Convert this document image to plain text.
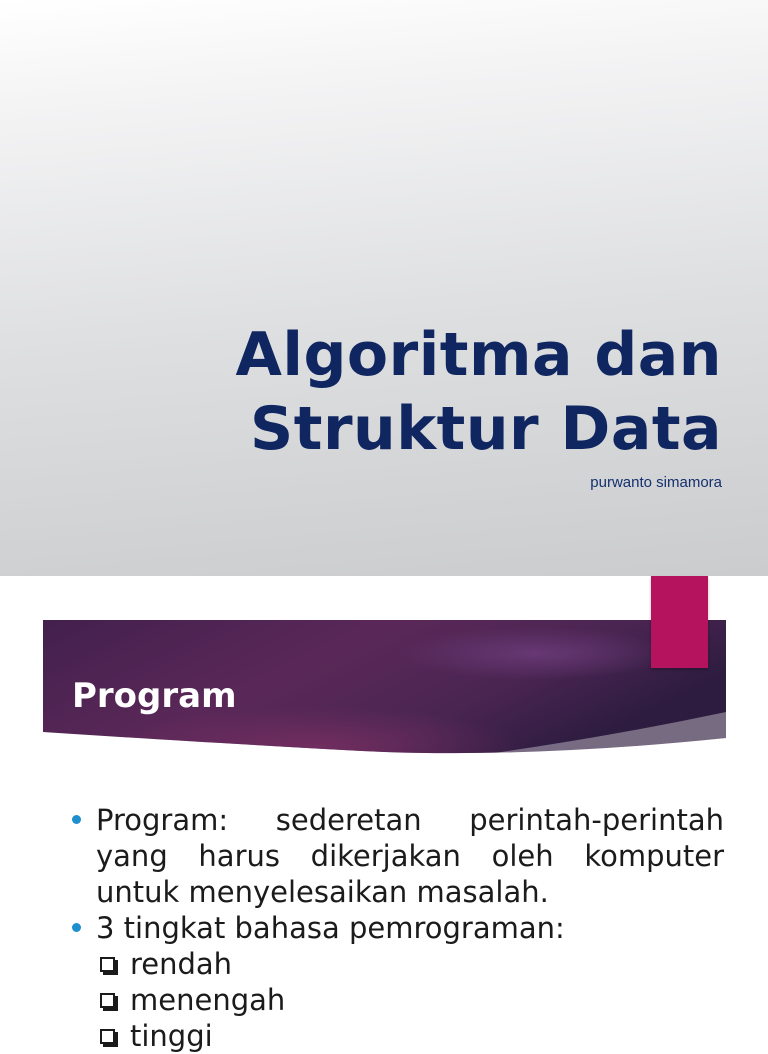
Algoritma dan
Struktur Data
purwanto simamora
Program
Program: sederetan perintah-perintah yang harus dikerjakan oleh komputer untuk menyelesaikan masalah.
3 tingkat bahasa pemrograman:
rendah
menengah
tinggi
